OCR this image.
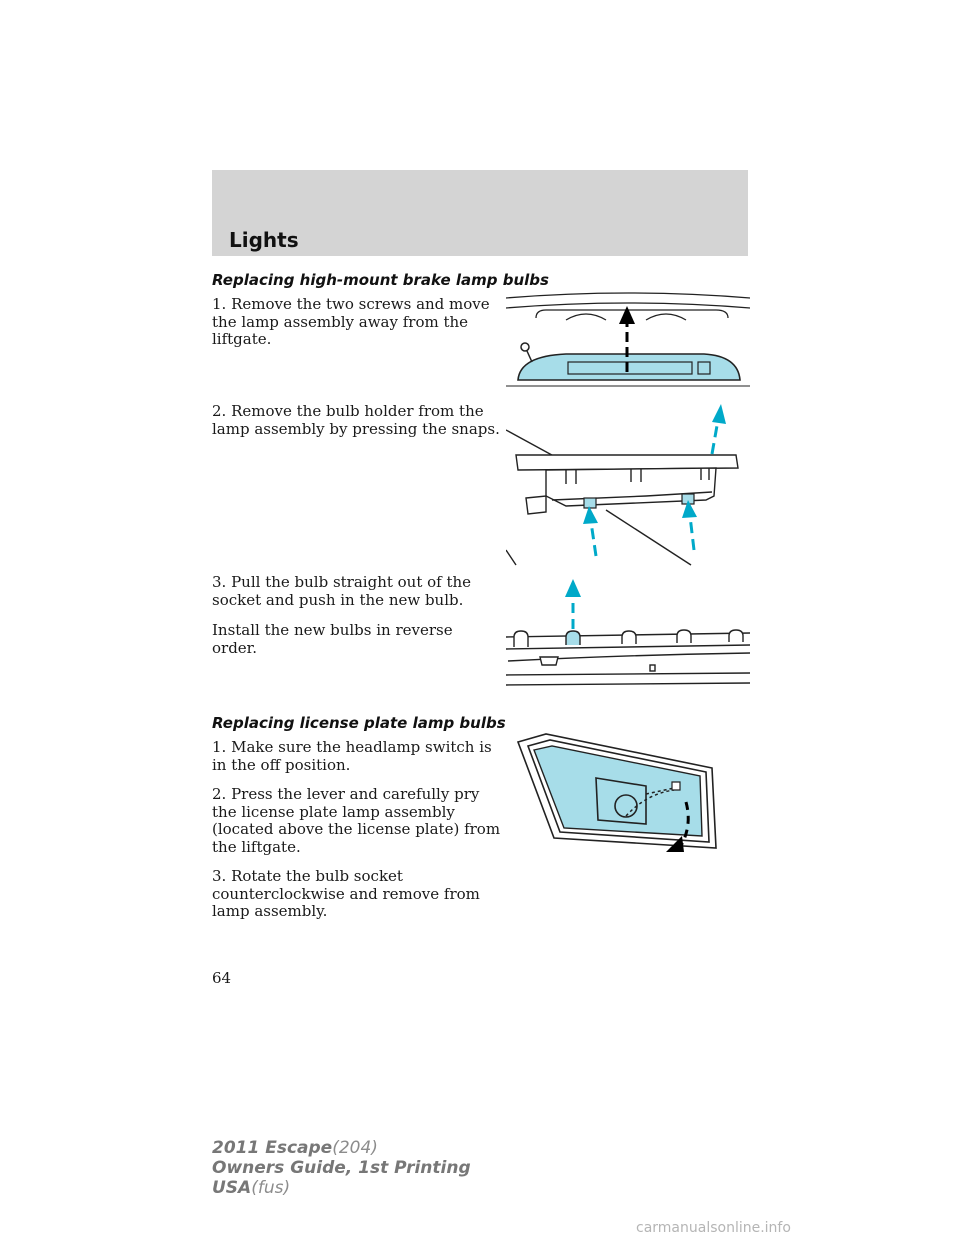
Lights
Replacing high-mount brake lamp bulbs
1. Remove the two screws and move the lamp assembly away from the liftgate.
2. Remove the bulb holder from the lamp assembly by pressing the snaps.
3. Pull the bulb straight out of the socket and push in the new bulb.
Install the new bulbs in reverse order.
Replacing license plate lamp bulbs
1. Make sure the headlamp switch is in the off position.
2. Press the lever and carefully pry the license plate lamp assembly (located above the license plate) from the liftgate.
3. Rotate the bulb socket counterclockwise and remove from lamp assembly.
64
2011 Escape(204)
Owners Guide, 1st Printing
USA(fus)
carmanualsonline.info
